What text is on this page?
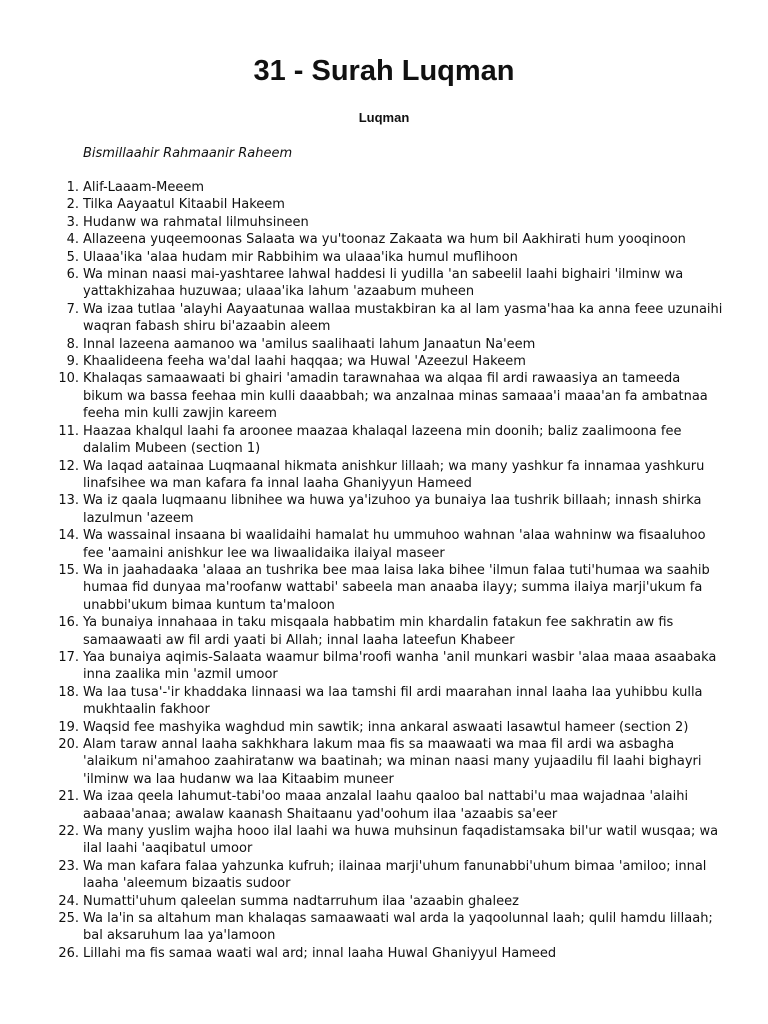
31 - Surah Luqman
Luqman
Bismillaahir Rahmaanir Raheem
1. Alif-Laaam-Meeem
2. Tilka Aayaatul Kitaabil Hakeem
3. Hudanw wa rahmatal lilmuhsineen
4. Allazeena yuqeemoonas Salaata wa yu'toonaz Zakaata wa hum bil Aakhirati hum yooqinoon
5. Ulaaa'ika 'alaa hudam mir Rabbihim wa ulaaa'ika humul muflihoon
6. Wa minan naasi mai-yashtaree lahwal haddesi li yudilla 'an sabeelil laahi bighairi 'ilminw wa yattakhizahaa huzuwaa; ulaaa'ika lahum 'azaabum muheen
7. Wa izaa tutlaa 'alayhi Aayaatunaa wallaa mustakbiran ka al lam yasma'haa ka anna feee uzunaihi waqran fabash shiru bi'azaabin aleem
8. Innal lazeena aamanoo wa 'amilus saalihaati lahum Janaatun Na'eem
9. Khaalideena feeha wa'dal laahi haqqaa; wa Huwal 'Azeezul Hakeem
10. Khalaqas samaawaati bi ghairi 'amadin tarawnahaa wa alqaa fil ardi rawaasiya an tameeda bikum wa bassa feehaa min kulli daaabbah; wa anzalnaa minas samaaa'i maaa'an fa ambatnaa feeha min kulli zawjin kareem
11. Haazaa khalqul laahi fa aroonee maazaa khalaqal lazeena min doonih; baliz zaalimoona fee dalalim Mubeen (section 1)
12. Wa laqad aatainaa Luqmaanal hikmata anishkur lillaah; wa many yashkur fa innamaa yashkuru linafsihee wa man kafara fa innal laaha Ghaniyyun Hameed
13. Wa iz qaala luqmaanu libnihee wa huwa ya'izuhoo ya bunaiya laa tushrik billaah; innash shirka lazulmun 'azeem
14. Wa wassainal insaana bi waalidaihi hamalat hu ummuhoo wahnan 'alaa wahninw wa fisaaluhoo fee 'aamaini anishkur lee wa liwaalidaika ilaiyal maseer
15. Wa in jaahadaaka 'alaaa an tushrika bee maa laisa laka bihee 'ilmun falaa tuti'humaa wa saahib humaa fid dunyaa ma'roofanw wattabi' sabeela man anaaba ilayy; summa ilaiya marji'ukum fa unabbi'ukum bimaa kuntum ta'maloon
16. Ya bunaiya innahaaa in taku misqaala habbatim min khardalin fatakun fee sakhratin aw fis samaawaati aw fil ardi yaati bi Allah; innal laaha lateefun Khabeer
17. Yaa bunaiya aqimis-Salaata waamur bilma'roofi wanha 'anil munkari wasbir 'alaa maaa asaabaka inna zaalika min 'azmil umoor
18. Wa laa tusa'-'ir khaddaka linnaasi wa laa tamshi fil ardi maarahan innal laaha laa yuhibbu kulla mukhtaalin fakhoor
19. Waqsid fee mashyika waghdud min sawtik; inna ankaral aswaati lasawtul hameer (section 2)
20. Alam taraw annal laaha sakhkhara lakum maa fis sa maawaati wa maa fil ardi wa asbagha 'alaikum ni'amahoo zaahiratanw wa baatinah; wa minan naasi many yujaadilu fil laahi bighayri 'ilminw wa laa hudanw wa laa Kitaabim muneer
21. Wa izaa qeela lahumut-tabi'oo maaa anzalal laahu qaaloo bal nattabi'u maa wajadnaa 'alaihi aabaaa'anaa; awalaw kaanash Shaitaanu yad'oohum ilaa 'azaabis sa'eer
22. Wa many yuslim wajha hooo ilal laahi wa huwa muhsinun faqadistamsaka bil'ur watil wusqaa; wa ilal laahi 'aaqibatul umoor
23. Wa man kafara falaa yahzunka kufruh; ilainaa marji'uhum fanunabbi'uhum bimaa 'amiloo; innal laaha 'aleemum bizaatis sudoor
24. Numatti'uhum qaleelan summa nadtarruhum ilaa 'azaabin ghaleez
25. Wa la'in sa altahum man khalaqas samaawaati wal arda la yaqoolunnal laah; qulil hamdu lillaah; bal aksaruhum laa ya'lamoon
26. Lillahi ma fis samaa waati wal ard; innal laaha Huwal Ghaniyyul Hameed
